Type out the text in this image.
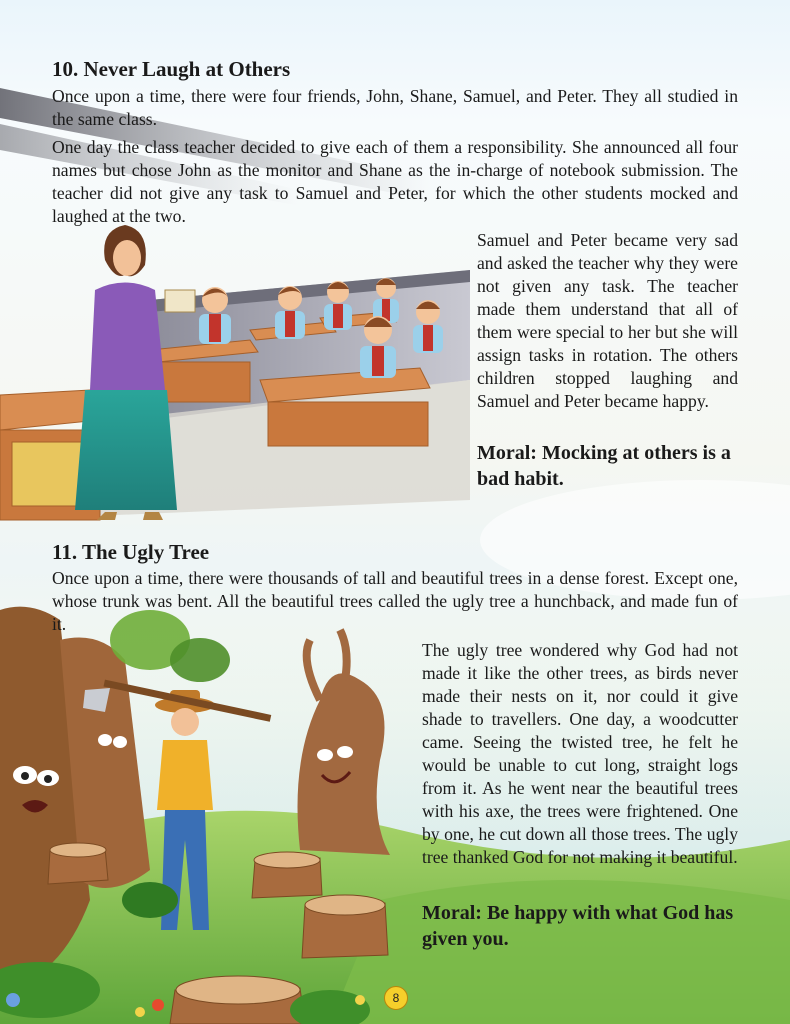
10. Never Laugh at Others

Once upon a time, there were four friends, John, Shane, Samuel, and Peter. They all studied in the same class.

One day the class teacher decided to give each of them a responsibility. She announced all four names but chose John as the monitor and Shane as the in-charge of notebook submission. The teacher did not give any task to Samuel and Peter, for which the other students mocked and laughed at the two.

Samuel and Peter became very sad and asked the teacher why they were not given any task. The teacher made them understand that all of them were special to her but she will assign tasks in rotation. The others children stopped laughing and Samuel and Peter became happy.

Moral: Mocking at others is a bad habit.

11. The Ugly Tree

Once upon a time, there were thousands of tall and beautiful trees in a dense forest. Except one, whose trunk was bent. All the beautiful trees called the ugly tree a hunchback, and made fun of it.

The ugly tree wondered why God had not made it like the other trees, as birds never made their nests on it, nor could it give shade to travellers. One day, a woodcutter came. Seeing the twisted tree, he felt he would be unable to cut long, straight logs from it. As he went near the beautiful trees with his axe, the trees were frightened. One by one, he cut down all those trees. The ugly tree thanked God for not making it beautiful.

Moral: Be happy with what God has given you.

8
